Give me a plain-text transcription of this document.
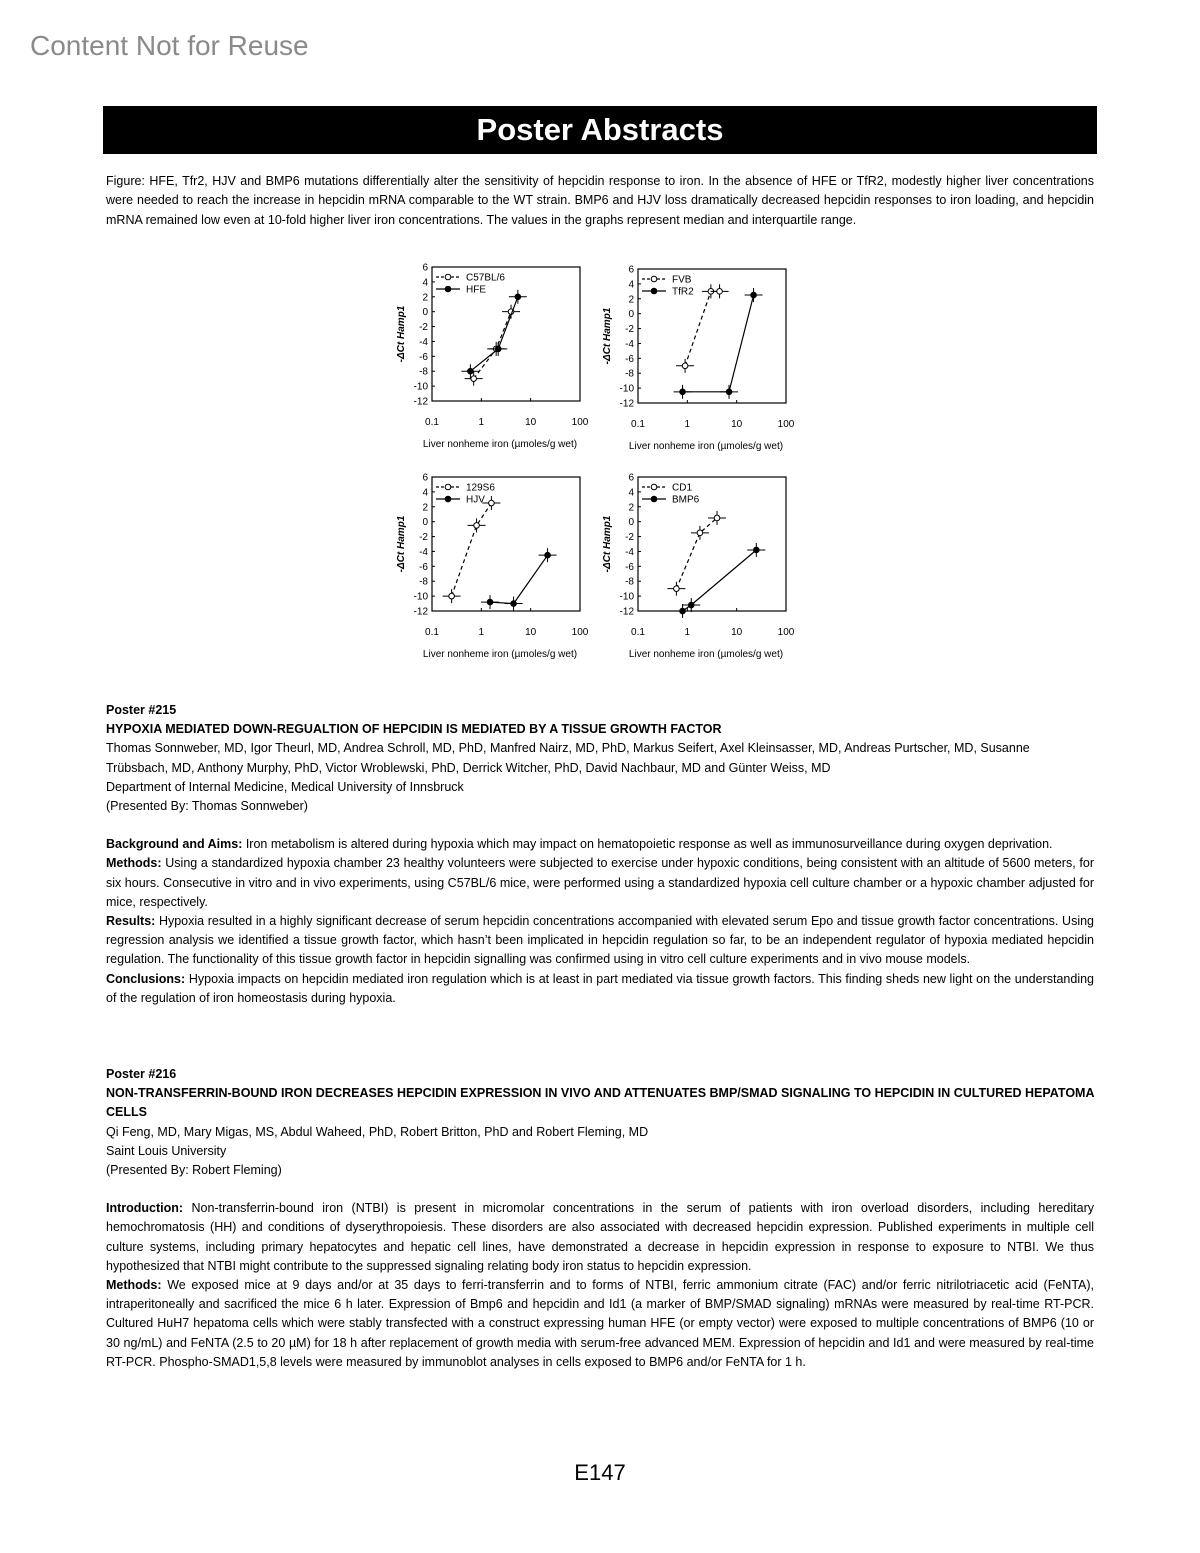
Content Not for Reuse
Poster Abstracts
Figure: HFE, Tfr2, HJV and BMP6 mutations differentially alter the sensitivity of hepcidin response to iron. In the absence of HFE or TfR2, modestly higher liver concentrations were needed to reach the increase in hepcidin mRNA comparable to the WT strain. BMP6 and HJV loss dramatically decreased hepcidin responses to iron loading, and hepcidin mRNA remained low even at 10-fold higher liver iron concentrations. The values in the graphs represent median and interquartile range.
6
4
2
0
-2
-4
-6
-8
-10
-12
0.1	1	10	100
Liver nonheme iron (µmoles/g wet)
-ΔCt Hamp1
C57BL/6
HFE
6
4
2
0
-2
-4
-6
-8
-10
-12
0.1	1	10	100
Liver nonheme iron (µmoles/g wet)
-ΔCt Hamp1
FVB
TfR2
6
4
2
0
-2
-4
-6
-8
-10
-12
0.1	1	10	100
Liver nonheme iron (µmoles/g wet)
-ΔCt Hamp1
129S6
HJV
6
4
2
0
-2
-4
-6
-8
-10
-12
0.1	1	10	100
Liver nonheme iron (µmoles/g wet)
-ΔCt Hamp1
CD1
BMP6

Poster #215

HYPOXIA MEDIATED DOWN-REGUALTION OF HEPCIDIN IS MEDIATED BY A TISSUE GROWTH FACTOR

Thomas Sonnweber, MD, Igor Theurl, MD, Andrea Schroll, MD, PhD, Manfred Nairz, MD, PhD, Markus Seifert, Axel Kleinsasser, MD, Andreas Purtscher, MD, Susanne Trübsbach, MD, Anthony Murphy, PhD, Victor Wroblewski, PhD, Derrick Witcher, PhD, David Nachbaur, MD and Günter Weiss, MD

Department of Internal Medicine, Medical University of Innsbruck

(Presented By: Thomas Sonnweber)

Background and Aims: Iron metabolism is altered during hypoxia which may impact on hematopoietic response as well as immunosurveillance during oxygen deprivation.

Methods: Using a standardized hypoxia chamber 23 healthy volunteers were subjected to exercise under hypoxic conditions, being consistent with an altitude of 5600 meters, for six hours. Consecutive in vitro and in vivo experiments, using C57BL/6 mice, were performed using a standardized hypoxia cell culture chamber or a hypoxic chamber adjusted for mice, respectively.

Results: Hypoxia resulted in a highly significant decrease of serum hepcidin concentrations accompanied with elevated serum Epo and tissue growth factor concentrations. Using regression analysis we identified a tissue growth factor, which hasn’t been implicated in hepcidin regulation so far, to be an independent regulator of hypoxia mediated hepcidin regulation. The functionality of this tissue growth factor in hepcidin signalling was confirmed using in vitro cell culture experiments and in vivo mouse models.

Conclusions: Hypoxia impacts on hepcidin mediated iron regulation which is at least in part mediated via tissue growth factors. This finding sheds new light on the understanding of the regulation of iron homeostasis during hypoxia.

Poster #216

NON-TRANSFERRIN-BOUND IRON DECREASES HEPCIDIN EXPRESSION IN VIVO AND ATTENUATES BMP/SMAD SIGNALING TO HEPCIDIN IN CULTURED HEPATOMA CELLS

Qi Feng, MD, Mary Migas, MS, Abdul Waheed, PhD, Robert Britton, PhD and Robert Fleming, MD

Saint Louis University

(Presented By: Robert Fleming)

Introduction: Non-transferrin-bound iron (NTBI) is present in micromolar concentrations in the serum of patients with iron overload disorders, including hereditary hemochromatosis (HH) and conditions of dyserythropoiesis. These disorders are also associated with decreased hepcidin expression. Published experiments in multiple cell culture systems, including primary hepatocytes and hepatic cell lines, have demonstrated a decrease in hepcidin expression in response to exposure to NTBI. We thus hypothesized that NTBI might contribute to the suppressed signaling relating body iron status to hepcidin expression.

Methods: We exposed mice at 9 days and/or at 35 days to ferri-transferrin and to forms of NTBI, ferric ammonium citrate (FAC) and/or ferric nitrilotriacetic acid (FeNTA), intraperitoneally and sacrificed the mice 6 h later. Expression of Bmp6 and hepcidin and Id1 (a marker of BMP/SMAD signaling) mRNAs were measured by real-time RT-PCR. Cultured HuH7 hepatoma cells which were stably transfected with a construct expressing human HFE (or empty vector) were exposed to multiple concentrations of BMP6 (10 or 30 ng/mL) and FeNTA (2.5 to 20 µM) for 18 h after replacement of growth media with serum-free advanced MEM. Expression of hepcidin and Id1 and were measured by real-time RT-PCR. Phospho-SMAD1,5,8 levels were measured by immunoblot analyses in cells exposed to BMP6 and/or FeNTA for 1 h.

E147
